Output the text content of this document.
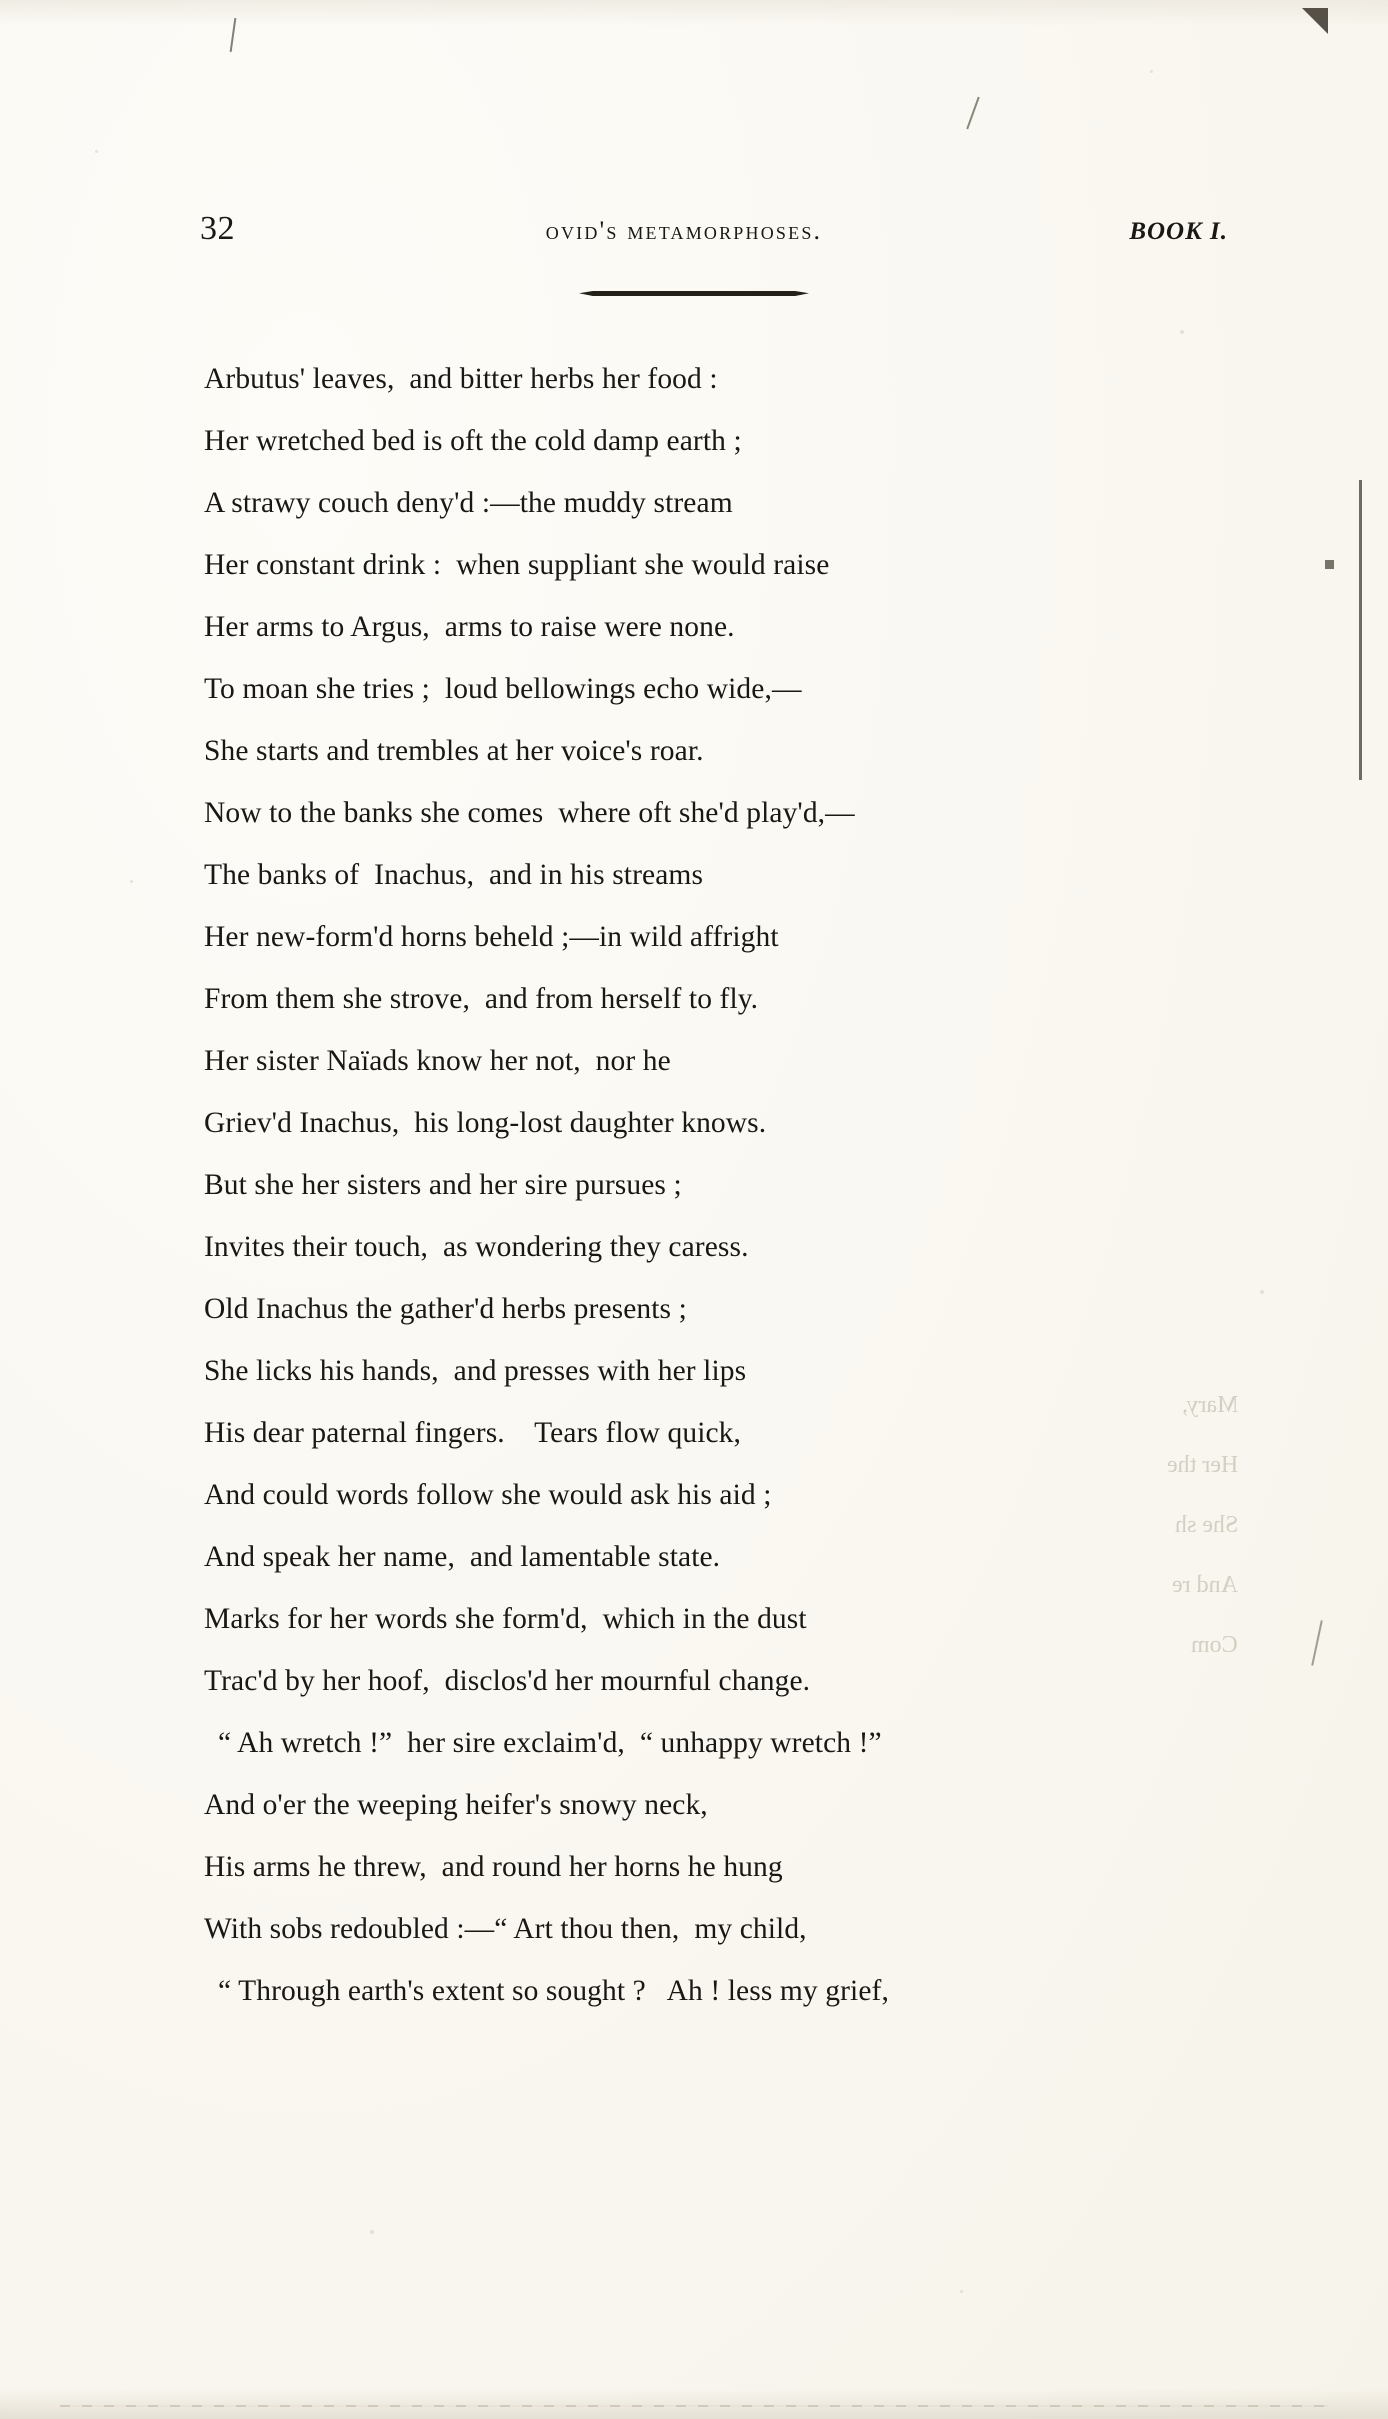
32	ovid's metamorphoses.	BOOK I.
Arbutus' leaves,  and bitter herbs her food :
Her wretched bed is oft the cold damp earth ;
A strawy couch deny'd :—the muddy stream
Her constant drink :  when suppliant she would raise
Her arms to Argus,  arms to raise were none.
To moan she tries ;  loud bellowings echo wide,—
She starts and trembles at her voice's roar.
Now to the banks she comes  where oft she'd play'd,—
The banks of  Inachus,  and in his streams
Her new-form'd horns beheld ;—in wild affright
From them she strove,  and from herself to fly.
Her sister Naïads know her not,  nor he
Griev'd Inachus,  his long-lost daughter knows.
But she her sisters and her sire pursues ;
Invites their touch,  as wondering they caress.
Old Inachus the gather'd herbs presents ;
She licks his hands,  and presses with her lips
His dear paternal fingers.    Tears flow quick,
And could words follow she would ask his aid ;
And speak her name,  and lamentable state.
Marks for her words she form'd,  which in the dust
Trac'd by her hoof,  disclos'd her mournful change.
“ Ah wretch !”  her sire exclaim'd,  “ unhappy wretch !”
And o'er the weeping heifer's snowy neck,
His arms he threw,  and round her horns he hung
With sobs redoubled :—“ Art thou then,  my child,
“ Through earth's extent so sought ?   Ah ! less my grief,
Mary,
Her the
She sh
And re
Com
